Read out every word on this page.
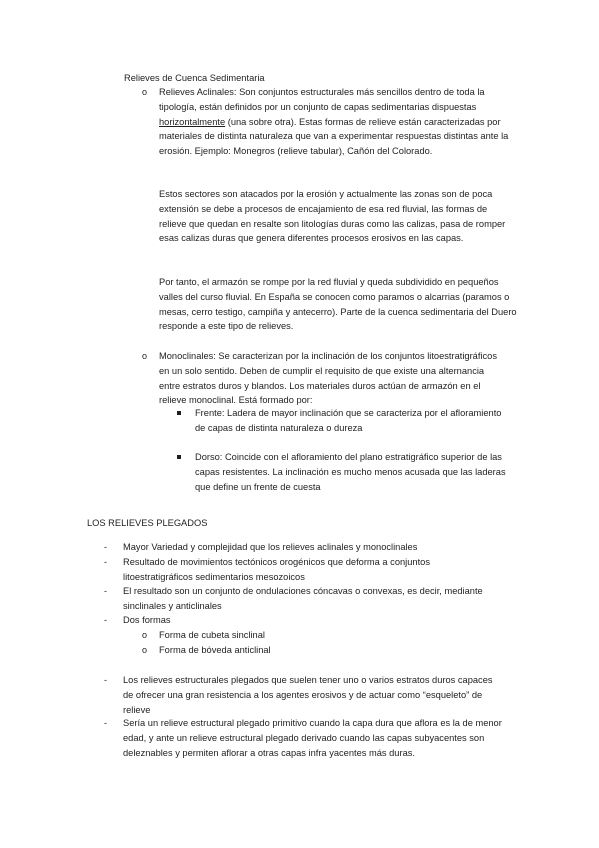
Relieves de Cuenca Sedimentaria
o Relieves Aclinales: Son conjuntos estructurales más sencillos dentro de toda la tipología, están definidos por un conjunto de capas sedimentarias dispuestas horizontalmente (una sobre otra). Estas formas de relieve están caracterizadas por materiales de distinta naturaleza que van a experimentar respuestas distintas ante la erosión. Ejemplo: Monegros (relieve tabular), Cañón del Colorado.

Estos sectores son atacados por la erosión y actualmente las zonas son de poca extensión se debe a procesos de encajamiento de esa red fluvial, las formas de relieve que quedan en resalte son litologías duras como las calizas, pasa de romper esas calizas duras que genera diferentes procesos erosivos en las capas.

Por tanto, el armazón se rompe por la red fluvial y queda subdividido en pequeños valles del curso fluvial. En España se conocen como paramos o alcarrias (paramos o mesas, cerro testigo, campiña y antecerro). Parte de la cuenca sedimentaria del Duero responde a este tipo de relieves.

o Monoclinales: Se caracterizan por la inclinación de los conjuntos litoestratigráficos en un solo sentido. Deben de cumplir el requisito de que existe una alternancia entre estratos duros y blandos. Los materiales duros actúan de armazón en el relieve monoclinal. Está formado por:

Frente: Ladera de mayor inclinación que se caracteriza por el afloramiento de capas de distinta naturaleza o dureza

Dorso: Coincide con el afloramiento del plano estratigráfico superior de las capas resistentes. La inclinación es mucho menos acusada que las laderas que define un frente de cuesta

LOS RELIEVES PLEGADOS
- Mayor Variedad y complejidad que los relieves aclinales y monoclinales

- Resultado de movimientos tectónicos orogénicos que deforma a conjuntos litoestratigráficos sedimentarios mesozoicos

- El resultado son un conjunto de ondulaciones cóncavas o convexas, es decir, mediante sinclinales y anticlinales

- Dos formas

o Forma de cubeta sinclinal

o Forma de bóveda anticlinal

- Los relieves estructurales plegados que suelen tener uno o varios estratos duros capaces de ofrecer una gran resistencia a los agentes erosivos y de actuar como “esqueleto” de relieve

- Sería un relieve estructural plegado primitivo cuando la capa dura que aflora es la de menor edad, y ante un relieve estructural plegado derivado cuando las capas subyacentes son deleznables y permiten aflorar a otras capas infra yacentes más duras.
